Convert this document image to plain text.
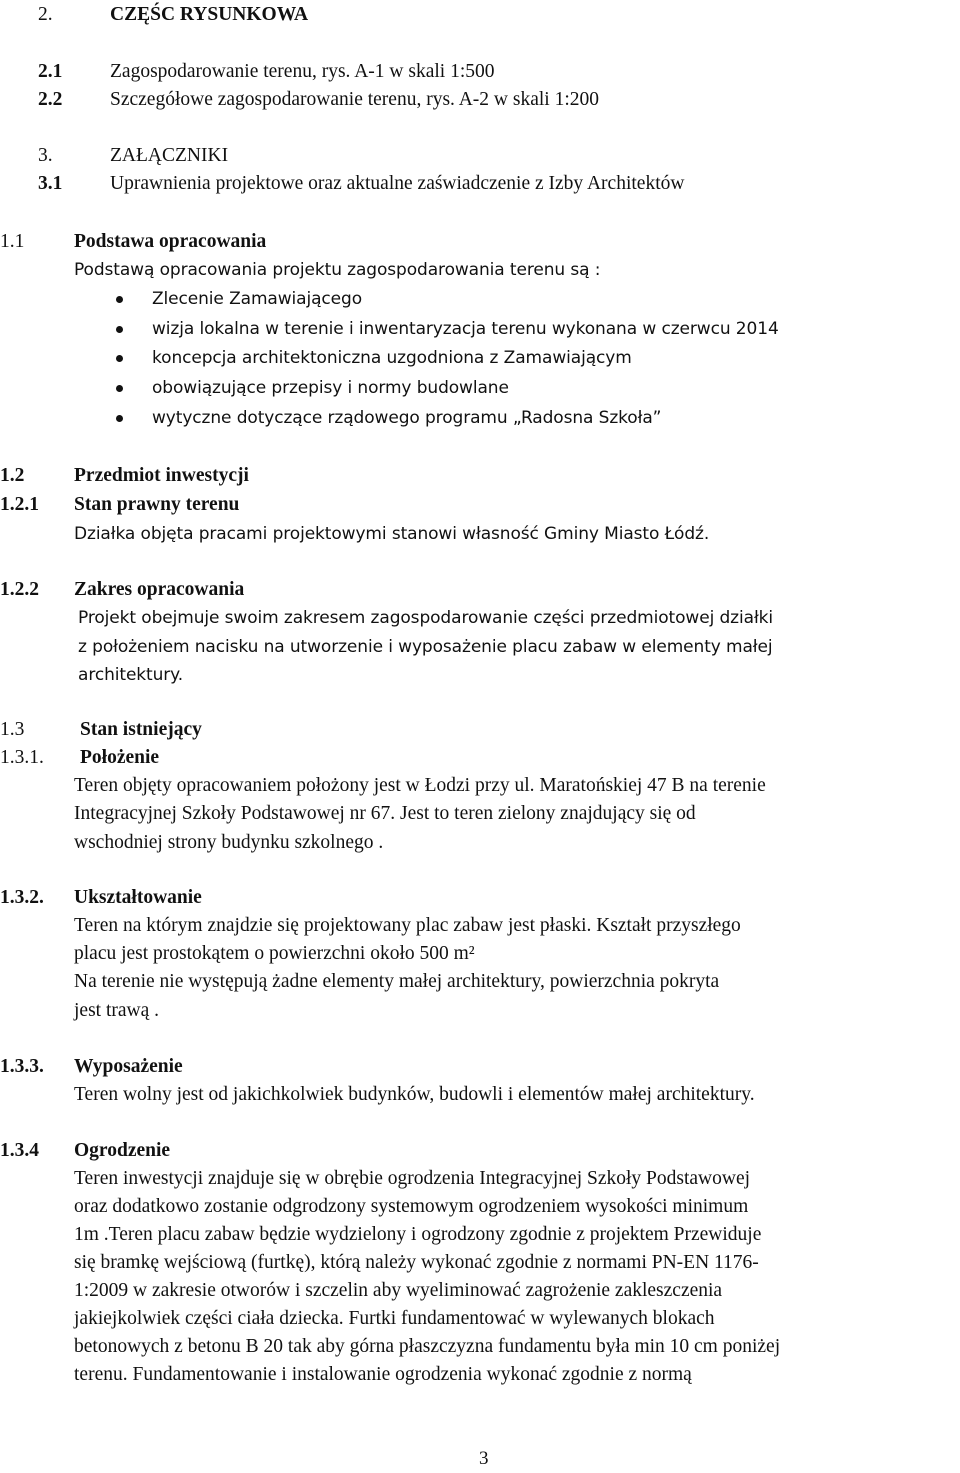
2.	CZĘŚC RYSUNKOWA
2.1 Zagospodarowanie terenu, rys. A-1 w skali 1:500
2.2 Szczegółowe zagospodarowanie terenu, rys. A-2 w skali 1:200
3.	ZAŁĄCZNIKI
3.1 Uprawnienia projektowe oraz aktualne zaświadczenie z Izby Architektów
1.1	Podstawa opracowania
Podstawą opracowania projektu zagospodarowania terenu są :
Zlecenie Zamawiającego
wizja lokalna w terenie i inwentaryzacja terenu wykonana w czerwcu 2014
koncepcja architektoniczna uzgodniona z Zamawiającym
obowiązujące przepisy i normy budowlane
wytyczne dotyczące rządowego programu „Radosna Szkoła”
1.2	Przedmiot inwestycji
1.2.1 Stan prawny terenu
Działka objęta pracami projektowymi stanowi własność Gminy Miasto Łódź.
1.2.2 Zakres opracowania
Projekt obejmuje swoim zakresem zagospodarowanie części przedmiotowej działki
z położeniem nacisku na utworzenie i wyposażenie placu zabaw w elementy małej
architektury.
1.3	Stan istniejący
1.3.1. Położenie
Teren objęty opracowaniem położony jest w Łodzi przy ul. Maratońskiej 47 B na terenie
Integracyjnej Szkoły Podstawowej nr 67. Jest to teren zielony znajdujący się od
wschodniej strony budynku szkolnego .
1.3.2. Ukształtowanie
Teren na którym znajdzie się projektowany plac zabaw jest płaski. Kształt przyszłego
placu jest prostokątem o powierzchni około 500 m²
Na terenie nie występują żadne elementy małej architektury, powierzchnia pokryta
jest trawą .
1.3.3. Wyposażenie
Teren wolny jest od jakichkolwiek budynków, budowli i elementów małej architektury.
1.3.4 Ogrodzenie
Teren inwestycji znajduje się w obrębie ogrodzenia Integracyjnej Szkoły Podstawowej
oraz dodatkowo zostanie odgrodzony systemowym ogrodzeniem wysokości minimum
1m .Teren placu zabaw będzie wydzielony i ogrodzony zgodnie z projektem Przewiduje
się bramkę wejściową (furtkę), którą należy wykonać zgodnie z normami PN-EN 1176-
1:2009 w zakresie otworów i szczelin aby wyeliminować zagrożenie zakleszczenia
jakiejkolwiek części ciała dziecka. Furtki fundamentować w wylewanych blokach
betonowych z betonu B 20 tak aby górna płaszczyzna fundamentu była min 10 cm poniżej
terenu. Fundamentowanie i instalowanie ogrodzenia wykonać zgodnie z normą
3
